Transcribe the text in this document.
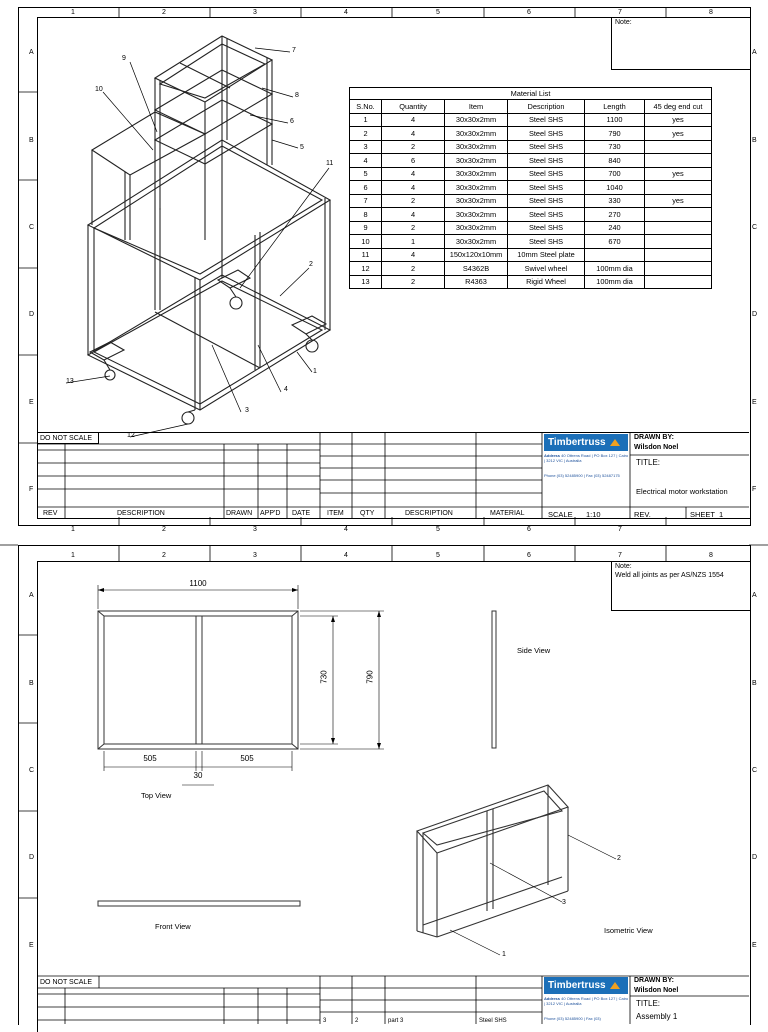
1	2	3	4	5	6	7	8
1	2	3	4	5	6	7
A
B
C
D
E
F
A
B
C
D
E
F
Note:
7
8
6
5
9
10
11
2
1
4
3
12
13
Material List					
S.No.	Quantity	Item	Description	Length	45 deg end cut
1	4	30x30x2mm	Steel SHS	1100	yes
2	4	30x30x2mm	Steel SHS	790	yes
3	2	30x30x2mm	Steel SHS	730	
4	6	30x30x2mm	Steel SHS	840	
5	4	30x30x2mm	Steel SHS	700	yes
6	4	30x30x2mm	Steel SHS	1040	
7	2	30x30x2mm	Steel SHS	330	yes
8	4	30x30x2mm	Steel SHS	270	
9	2	30x30x2mm	Steel SHS	240	
10	1	30x30x2mm	Steel SHS	670	
11	4	150x120x10mm	10mm Steel plate		
12	2	S4362B	Swivel wheel	100mm dia	
13	2	R4363	Rigid Wheel	100mm dia	
DO NOT SCALE
REV	DESCRIPTION	DRAWN APP'D DATE ITEM QTY	DESCRIPTION	MATERIAL
Timbertruss
Address 40 Ottrens Road | PO Box 127 | Cairo | 3212 VIC | Australia
Phone (03) 52485900 | Fax (03) 52487175
DRAWN BY:
Wilsdon Noel
TITLE:
Electrical motor workstation
SCALE 1:10	REV.	SHEET 1
1	2	3	4	5	6	7	8
A
B
C
D
E
A
B
C
D
E
Note:
Weld all joints as per AS/NZS 1554
1100
730	790
505	505
30
Top View
Side View
Front View	Isometric View
2
3
1
DO NOT SCALE	Timbertruss
Address 40 Ottrens Road | PO Box 127 | Cairo | 3212 VIC | Australia
Phone (03) 52485900 | Fax (03)
DRAWN BY:
Wilsdon Noel
TITLE:
Assembly 1
3	2	part 3	Steel SHS
